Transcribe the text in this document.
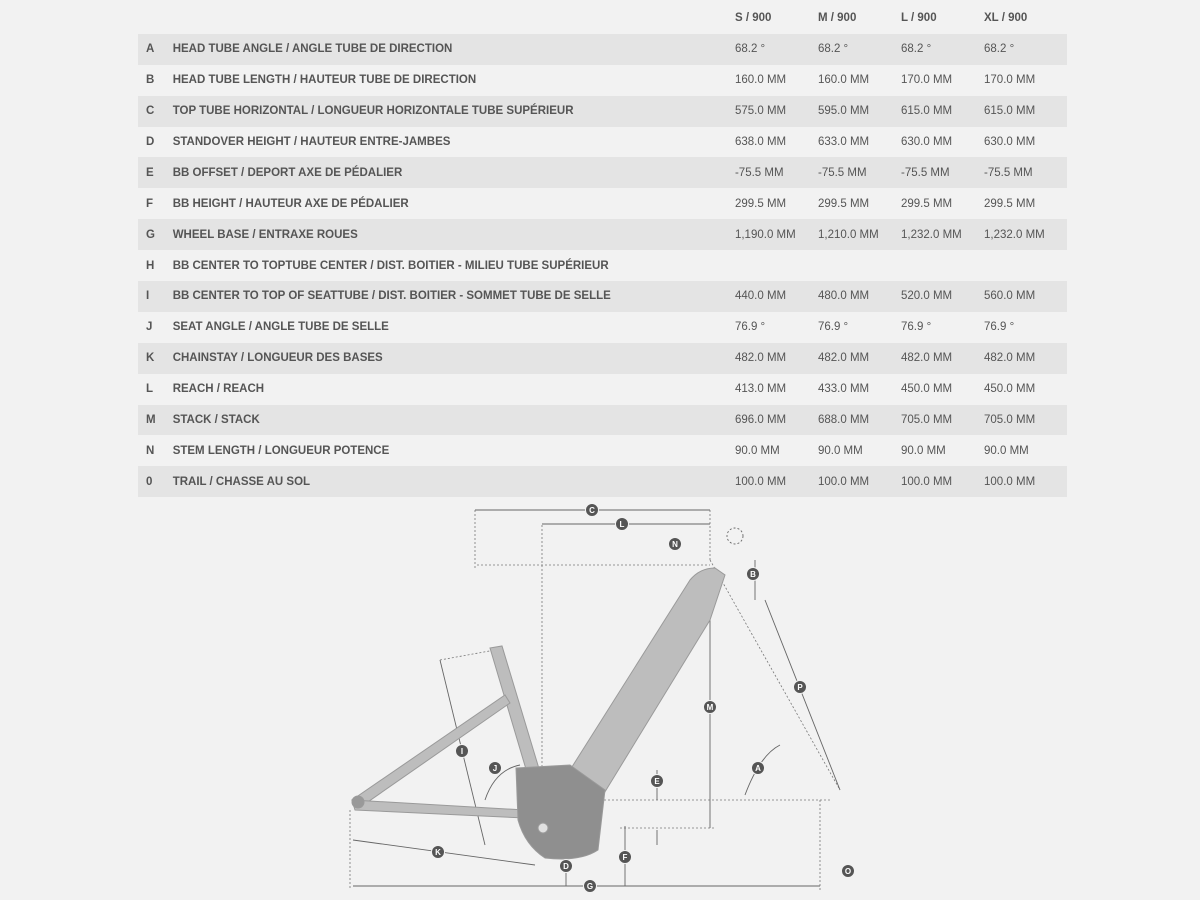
S / 900	M / 900	L / 900	XL / 900
A	HEAD TUBE ANGLE / ANGLE TUBE DE DIRECTION	68.2 °	68.2 °	68.2 °	68.2 °
B	HEAD TUBE LENGTH / HAUTEUR TUBE DE DIRECTION	160.0 MM	160.0 MM	170.0 MM	170.0 MM
C	TOP TUBE HORIZONTAL / LONGUEUR HORIZONTALE TUBE SUPÉRIEUR	575.0 MM	595.0 MM	615.0 MM	615.0 MM
D	STANDOVER HEIGHT / HAUTEUR ENTRE-JAMBES	638.0 MM	633.0 MM	630.0 MM	630.0 MM
E	BB OFFSET / DEPORT AXE DE PÉDALIER	-75.5 MM	-75.5 MM	-75.5 MM	-75.5 MM
F	BB HEIGHT / HAUTEUR AXE DE PÉDALIER	299.5 MM	299.5 MM	299.5 MM	299.5 MM
G	WHEEL BASE / ENTRAXE ROUES	1,190.0 MM	1,210.0 MM	1,232.0 MM	1,232.0 MM
H	BB CENTER TO TOPTUBE CENTER / DIST. BOITIER - MILIEU TUBE SUPÉRIEUR
I	BB CENTER TO TOP OF SEATTUBE / DIST. BOITIER - SOMMET TUBE DE SELLE	440.0 MM	480.0 MM	520.0 MM	560.0 MM
J	SEAT ANGLE / ANGLE TUBE DE SELLE	76.9 °	76.9 °	76.9 °	76.9 °
K	CHAINSTAY / LONGUEUR DES BASES	482.0 MM	482.0 MM	482.0 MM	482.0 MM
L	REACH / REACH	413.0 MM	433.0 MM	450.0 MM	450.0 MM
M	STACK / STACK	696.0 MM	688.0 MM	705.0 MM	705.0 MM
N	STEM LENGTH / LONGUEUR POTENCE	90.0 MM	90.0 MM	90.0 MM	90.0 MM
0	TRAIL / CHASSE AU SOL	100.0 MM	100.0 MM	100.0 MM	100.0 MM
C
L
N
B
P
M
A
E
I
J
K
D
F
G
O
